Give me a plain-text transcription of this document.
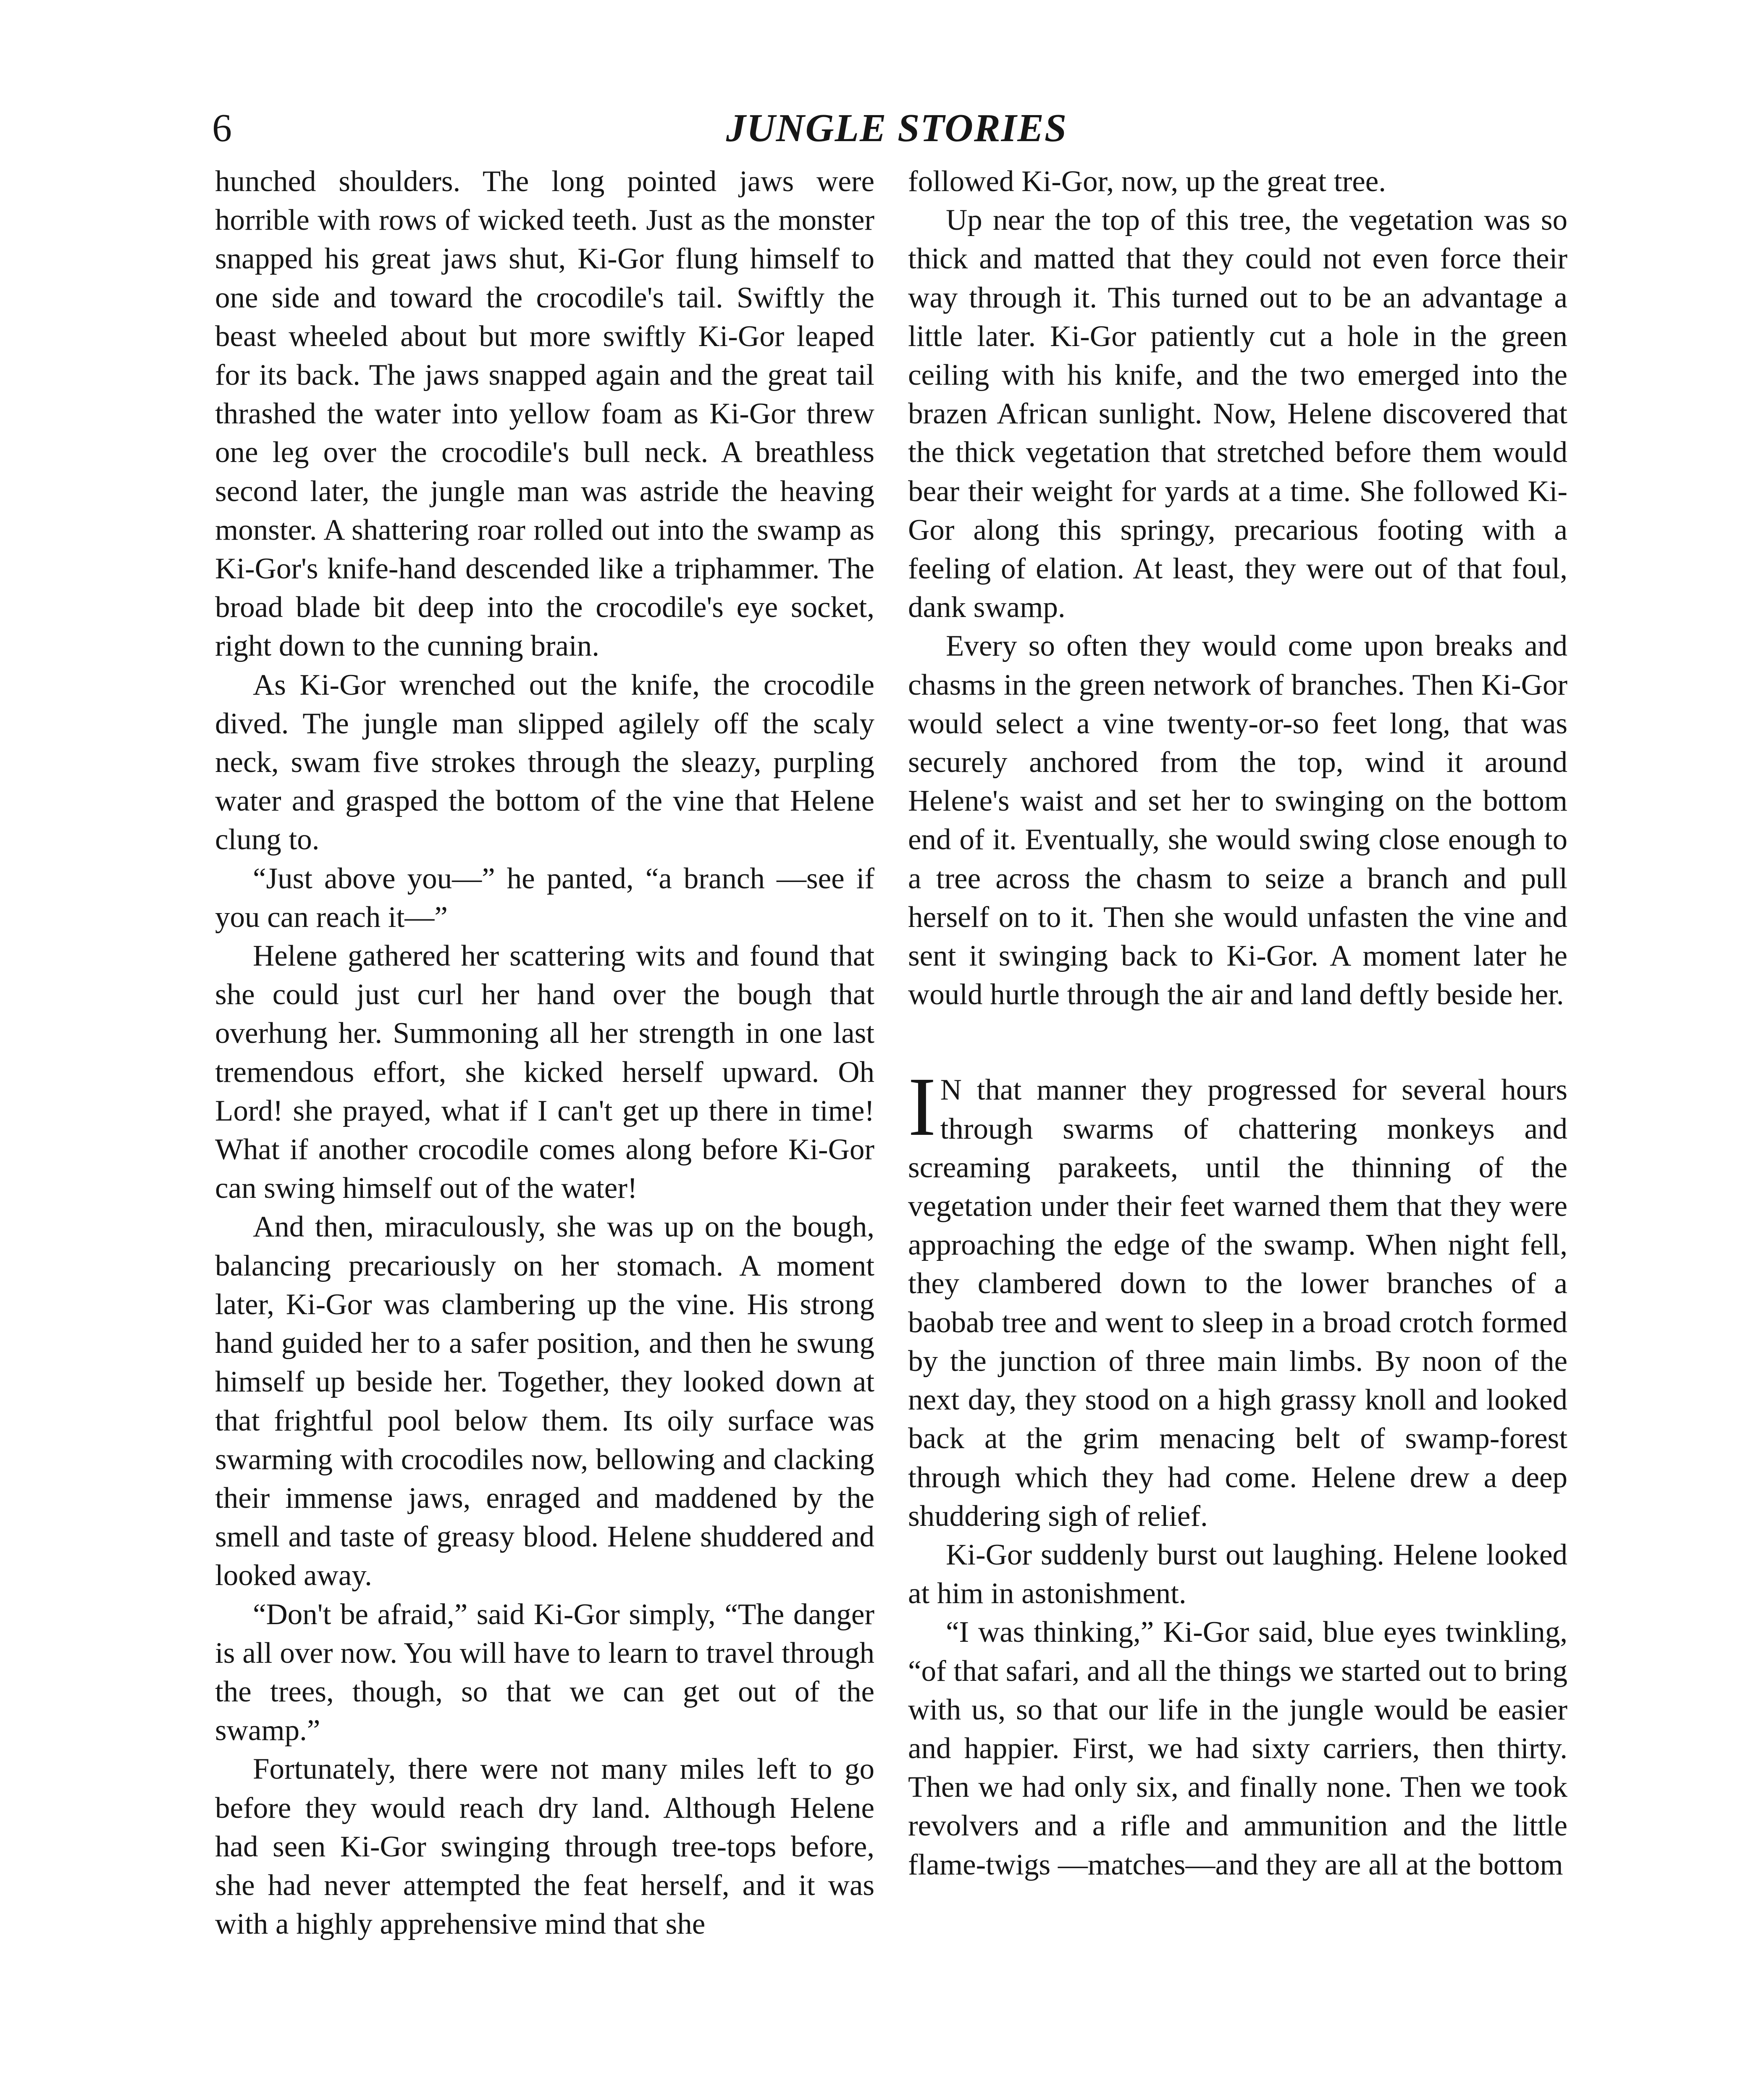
6	JUNGLE STORIES

hunched shoulders. The long pointed jaws were horrible with rows of wicked teeth. Just as the monster snapped his great jaws shut, Ki-Gor flung himself to one side and toward the crocodile's tail. Swiftly the beast wheeled about but more swiftly Ki-Gor leaped for its back. The jaws snapped again and the great tail thrashed the water into yellow foam as Ki-Gor threw one leg over the crocodile's bull neck. A breathless second later, the jungle man was astride the heaving monster. A shattering roar rolled out into the swamp as Ki-Gor's knife-hand descended like a triphammer. The broad blade bit deep into the crocodile's eye socket, right down to the cunning brain.

As Ki-Gor wrenched out the knife, the crocodile dived. The jungle man slipped agilely off the scaly neck, swam five strokes through the sleazy, purpling water and grasped the bottom of the vine that Helene clung to.

“Just above you—” he panted, “a branch —see if you can reach it—”

Helene gathered her scattering wits and found that she could just curl her hand over the bough that overhung her. Summoning all her strength in one last tremendous effort, she kicked herself upward. Oh Lord! she prayed, what if I can't get up there in time! What if another crocodile comes along before Ki-Gor can swing himself out of the water!

And then, miraculously, she was up on the bough, balancing precariously on her stomach. A moment later, Ki-Gor was clambering up the vine. His strong hand guided her to a safer position, and then he swung himself up beside her. Together, they looked down at that frightful pool below them. Its oily surface was swarming with crocodiles now, bellowing and clacking their immense jaws, enraged and maddened by the smell and taste of greasy blood. Helene shuddered and looked away.

“Don't be afraid,” said Ki-Gor simply, “The danger is all over now. You will have to learn to travel through the trees, though, so that we can get out of the swamp.”

Fortunately, there were not many miles left to go before they would reach dry land. Although Helene had seen Ki-Gor swinging through tree-tops before, she had never attempted the feat herself, and it was with a highly apprehensive mind that she

followed Ki-Gor, now, up the great tree.

Up near the top of this tree, the vegetation was so thick and matted that they could not even force their way through it. This turned out to be an advantage a little later. Ki-Gor patiently cut a hole in the green ceiling with his knife, and the two emerged into the brazen African sunlight. Now, Helene discovered that the thick vegetation that stretched before them would bear their weight for yards at a time. She followed Ki-Gor along this springy, precarious footing with a feeling of elation. At least, they were out of that foul, dank swamp.

Every so often they would come upon breaks and chasms in the green network of branches. Then Ki-Gor would select a vine twenty-or-so feet long, that was securely anchored from the top, wind it around Helene's waist and set her to swinging on the bottom end of it. Eventually, she would swing close enough to a tree across the chasm to seize a branch and pull herself on to it. Then she would unfasten the vine and sent it swinging back to Ki-Gor. A moment later he would hurtle through the air and land deftly beside her.

I N that manner they progressed for several hours through swarms of chattering monkeys and screaming parakeets, until the thinning of the vegetation under their feet warned them that they were approaching the edge of the swamp. When night fell, they clambered down to the lower branches of a baobab tree and went to sleep in a broad crotch formed by the junction of three main limbs. By noon of the next day, they stood on a high grassy knoll and looked back at the grim menacing belt of swamp-forest through which they had come. Helene drew a deep shuddering sigh of relief.

Ki-Gor suddenly burst out laughing. Helene looked at him in astonishment.

“I was thinking,” Ki-Gor said, blue eyes twinkling, “of that safari, and all the things we started out to bring with us, so that our life in the jungle would be easier and happier. First, we had sixty carriers, then thirty. Then we had only six, and finally none. Then we took revolvers and a rifle and ammunition and the little flame-twigs —matches—and they are all at the bottom
